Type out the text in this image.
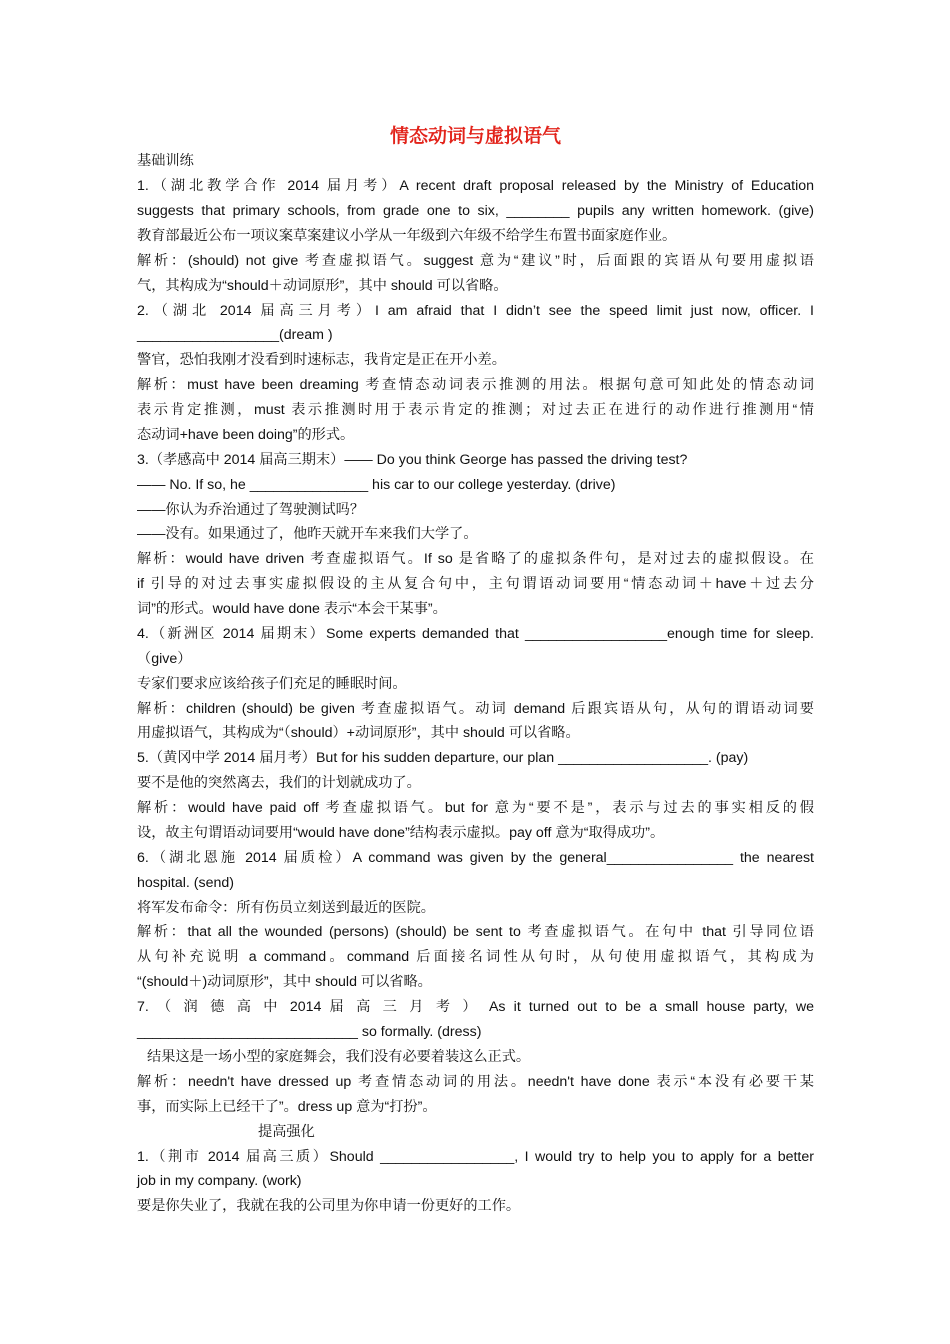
情态动词与虚拟语气
基础训练
1.（湖北教学合作 2014 届月考）A recent draft proposal released by the Ministry of Education
suggests that primary schools, from grade one to six, ________ pupils any written homework. (give)
教育部最近公布一项议案草案建议小学从一年级到六年级不给学生布置书面家庭作业。
解析：(should) not give 考查虚拟语气。suggest 意为“建议”时，后面跟的宾语从句要用虚拟语
气，其构成为“should＋动词原形”，其中 should 可以省略。
2.（湖北 2014 届高三月考）I am afraid that I didn’t see the speed limit just now, officer. I
__________________(dream )
警官，恐怕我刚才没看到时速标志，我肯定是正在开小差。
解析：must have been dreaming 考查情态动词表示推测的用法。根据句意可知此处的情态动词
表示肯定推测，must 表示推测时用于表示肯定的推测；对过去正在进行的动作进行推测用“情
态动词+have been doing”的形式。
3.（孝感高中 2014 届高三期末）—— Do you think George has passed the driving test?
—— No. If so, he _______________ his car to our college yesterday. (drive)
——你认为乔治通过了驾驶测试吗？
——没有。如果通过了，他昨天就开车来我们大学了。
解析：would have driven 考查虚拟语气。If so 是省略了的虚拟条件句，是对过去的虚拟假设。在
if 引导的对过去事实虚拟假设的主从复合句中，主句谓语动词要用“情态动词＋have＋过去分
词”的形式。would have done 表示“本会干某事”。
4.（新洲区 2014 届期末）Some experts demanded that __________________enough time for sleep.
（give）
专家们要求应该给孩子们充足的睡眠时间。
解析：children (should) be given 考查虚拟语气。动词 demand 后跟宾语从句，从句的谓语动词要
用虚拟语气，其构成为“（should）+动词原形”，其中 should 可以省略。
5.（黄冈中学 2014 届月考）But for his sudden departure, our plan ___________________. (pay)
要不是他的突然离去，我们的计划就成功了。
解析：would have paid off 考查虚拟语气。but for 意为“要不是”，表示与过去的事实相反的假
设，故主句谓语动词要用“would have done”结构表示虚拟。pay off 意为“取得成功”。
6.（湖北恩施 2014 届质检）A command was given by the general________________ the nearest
hospital. (send)
将军发布命令：所有伤员立刻送到最近的医院。
解析：that all the wounded (persons) (should) be sent to 考查虚拟语气。在句中 that 引导同位语
从句补充说明 a command。command 后面接名词性从句时，从句使用虚拟语气，其构成为
“(should＋)动词原形”，其中 should 可以省略。
7. （ 润 德 高 中 2014 届 高 三 月 考 ） As it turned out to be a small house party, we
____________________________ so formally. (dress)
结果这是一场小型的家庭舞会，我们没有必要着装这么正式。
解析：needn't have dressed up 考查情态动词的用法。needn't have done 表示“本没有必要干某
事，而实际上已经干了”。dress up 意为“打扮”。
提高强化
1.（荆市 2014 届高三质）Should _________________, I would try to help you to apply for a better
job in my company. (work)
要是你失业了，我就在我的公司里为你申请一份更好的工作。
